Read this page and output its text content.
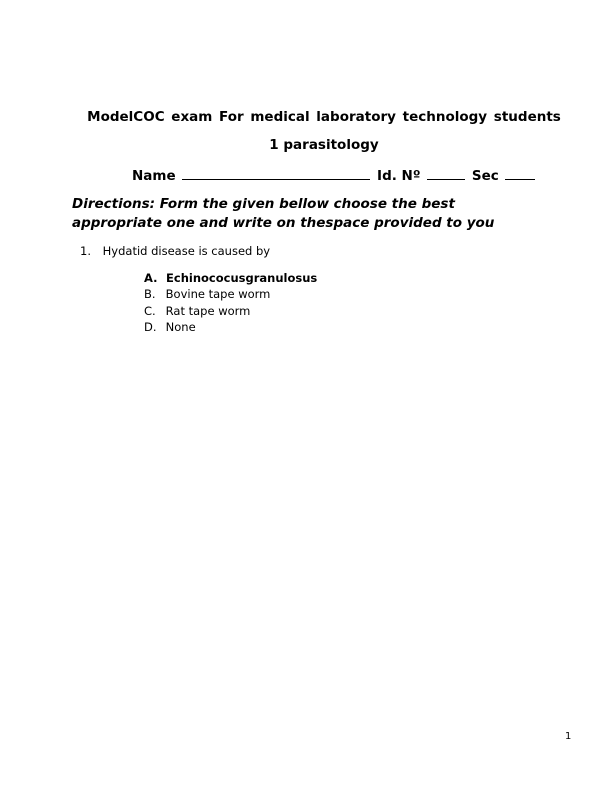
ModelCOC exam For medical laboratory technology students
1 parasitology
Name	Id. Nº	Sec
Directions: Form the given bellow choose the best appropriate one and write on thespace provided to you
1. Hydatid disease is caused by
A. Echinococusgranulosus
B. Bovine tape worm
C. Rat tape worm
D. None
1
